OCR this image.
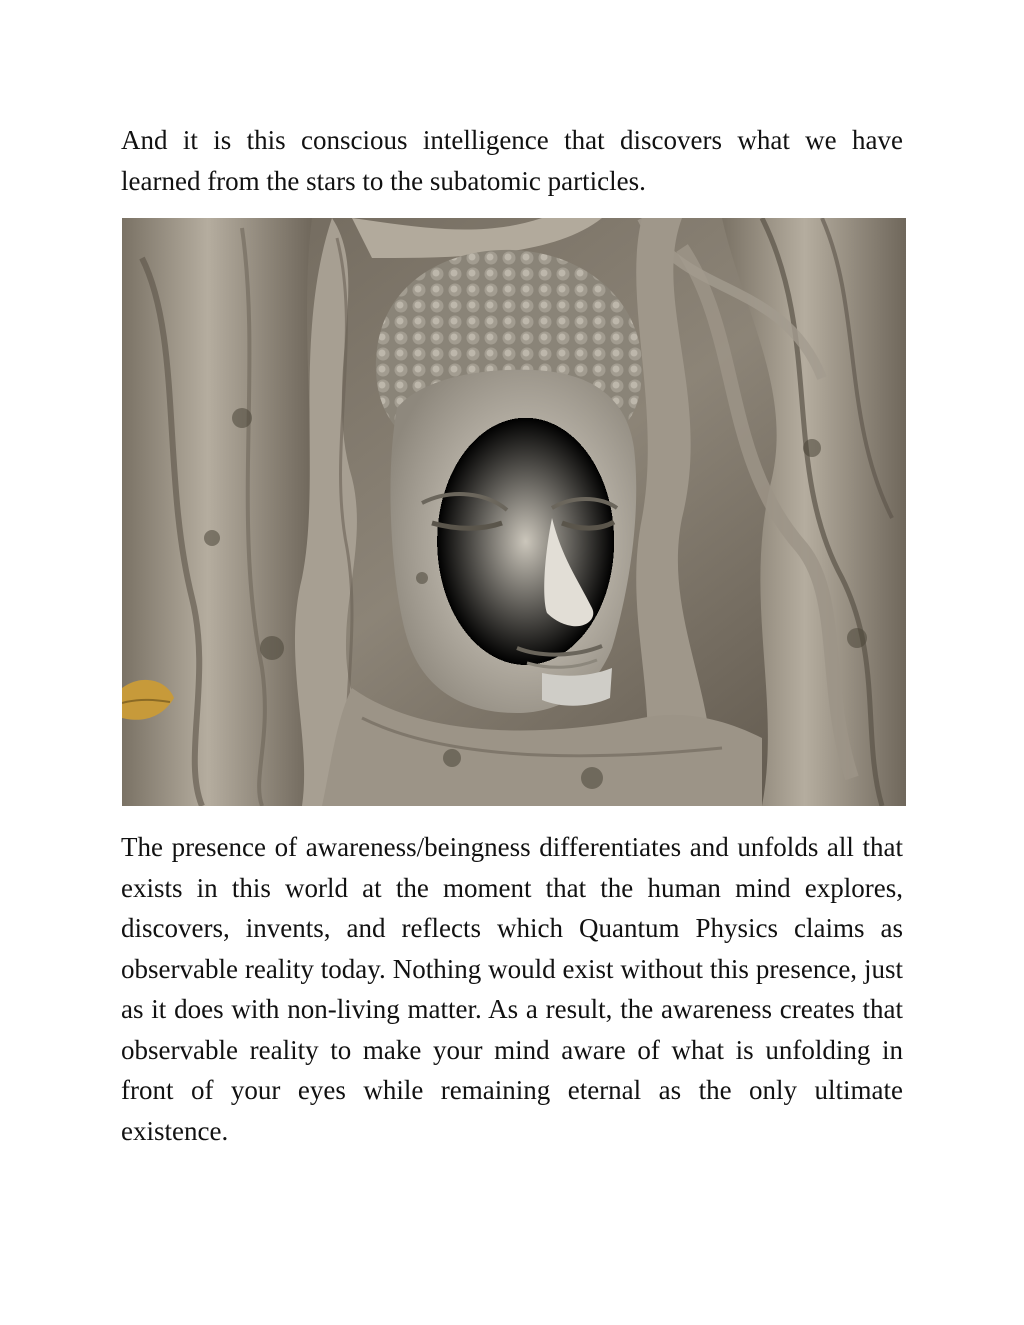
And it is this conscious intelligence that discovers what we have learned from the stars to the subatomic particles.

The presence of awareness/beingness differentiates and unfolds all that exists in this world at the moment that the human mind explores, discovers, invents, and reflects which Quantum Physics claims as observable reality today. Nothing would exist without this presence, just as it does with non-living matter. As a result, the awareness creates that observable reality to make your mind aware of what is unfolding in front of your eyes while remaining eternal as the only ultimate existence.
